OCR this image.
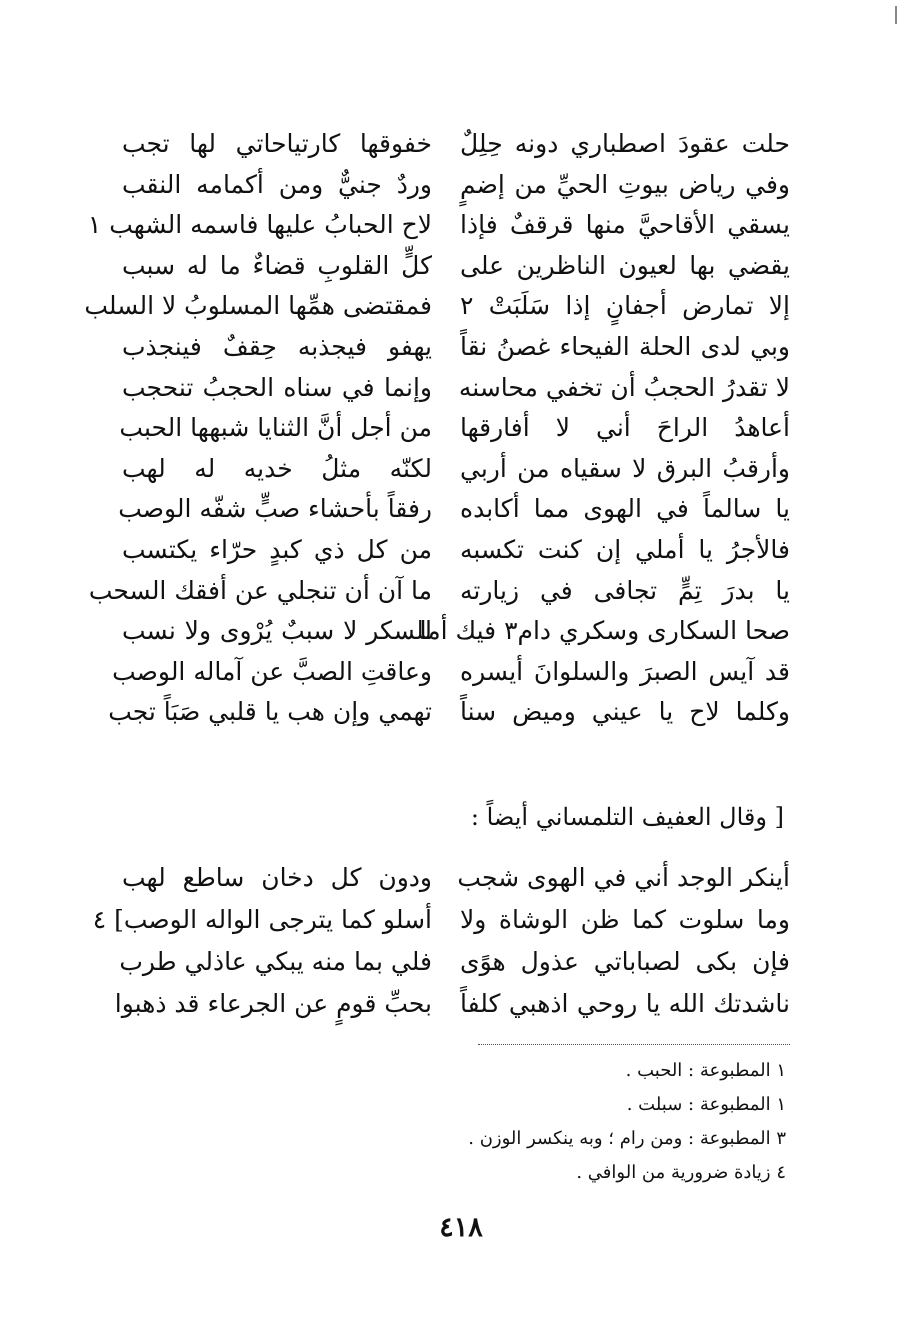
حلت عقودَ اصطباري دونه حِلِلٌ
خفوقها كارتياحاتي لها تجب
وفي رياض بيوتِ الحيِّ من إضمٍ
وردٌ جنيٌّ ومن أكمامه النقب
يسقي الأقاحيَّ منها قرقفٌ فإذا
لاح الحبابُ عليها فاسمه الشهب ١
يقضي بها لعيون الناظرين على
كلٍّ القلوبِ قضاءٌ ما له سبب
إلا تمارض أجفانٍ إذا سَلَبَتْ ٢
فمقتضى همِّها المسلوبُ لا السلب
وبي لدى الحلة الفيحاء غصنُ نقاً
يهفو فيجذبه حِقفٌ فينجذب
لا تقدرُ الحجبُ أن تخفي محاسنه
وإنما في سناه الحجبُ تنحجب
أعاهدُ الراحَ أني لا أفارقها
من أجل أنَّ الثنايا شبهها الحبب
وأرقبُ البرق لا سقياه من أربي
لكنّه مثلُ خديه له لهب
يا سالماً في الهوى مما أكابده
رفقاً بأحشاء صبٍّ شفّه الوصب
فالأجرُ يا أملي إن كنت تكسبه
من كل ذي كبدٍ حرّاء يكتسب
يا بدرَ تِمٍّ تجافى في زيارته
ما آن أن تنجلي عن أفقك السحب
صحا السكارى وسكري دام٣ فيك أما
للسكر لا سببٌ يُرْوى ولا نسب
قد آيس الصبرَ والسلوانَ أيسره
وعاقتِ الصبَّ عن آماله الوصب
وكلما لاح يا عيني وميض سناً
تهمي وإن هب يا قلبي صَبَاً تجب
[ وقال العفيف التلمساني أيضاً :
أينكر الوجد أني في الهوى شجب
ودون كل دخان ساطع لهب
وما سلوت كما ظن الوشاة ولا
أسلو كما يترجى الواله الوصب] ٤
فإن بكى لصباباتي عذول هوًى
فلي بما منه يبكي عاذلي طرب
ناشدتك الله يا روحي اذهبي كلفاً
بحبِّ قومٍ عن الجرعاء قد ذهبوا
١ المطبوعة : الحبب .
١ المطبوعة : سبلت .
٣ المطبوعة : ومن رام ؛ وبه ينكسر الوزن .
٤ زيادة ضرورية من الوافي .
٤١٨
